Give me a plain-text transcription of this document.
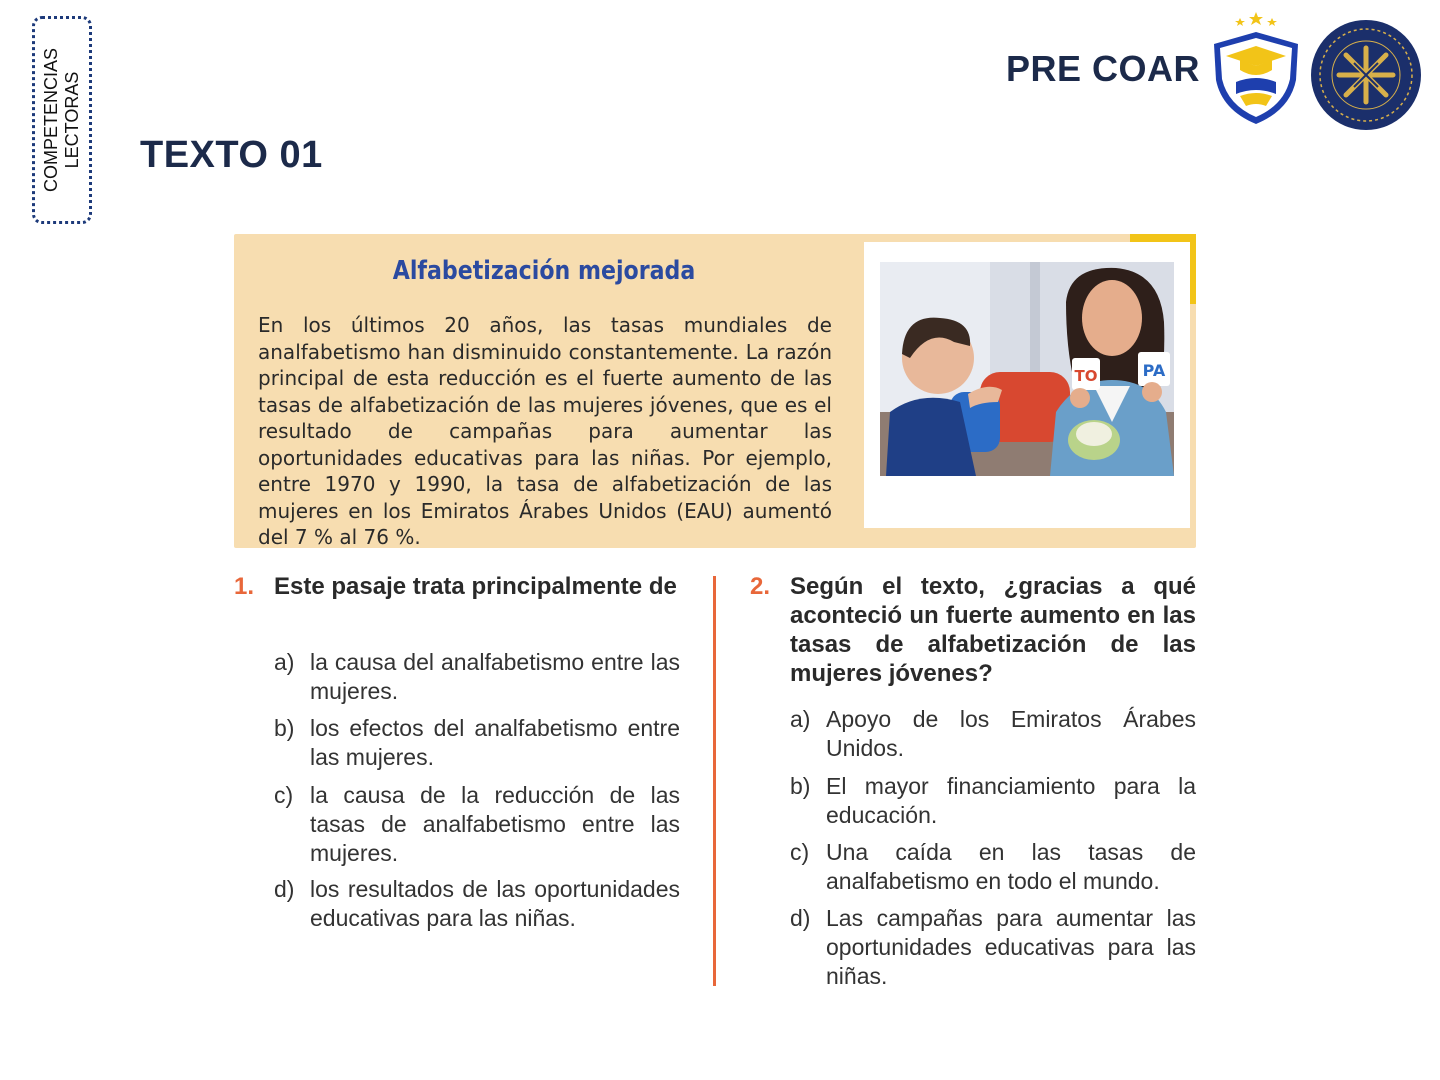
COMPETENCIAS LECTORAS TEXTO 01
PRE COAR
Alfabetización mejorada

En los últimos 20 años, las tasas mundiales de analfabetismo han disminuido constantemente. La razón principal de esta reducción es el fuerte aumento de las tasas de alfabetización de las mujeres jóvenes, que es el resultado de campañas para aumentar las oportunidades educativas para las niñas. Por ejemplo, entre 1970 y 1990, la tasa de alfabetización de las mujeres en los Emiratos Árabes Unidos (EAU) aumentó del 7 % al 76 %.

TO	PA
1. Este pasaje trata principalmente de

a) la causa del analfabetismo entre las mujeres.
b) los efectos del analfabetismo entre las mujeres.
c) la causa de la reducción de las tasas de analfabetismo entre las mujeres.
d) los resultados de las oportunidades educativas para las niñas.
2. Según el texto, ¿gracias a qué aconteció un fuerte aumento en las tasas de alfabetización de las mujeres jóvenes?

a) Apoyo de los Emiratos Árabes Unidos.
b) El mayor financiamiento para la educación.
c) Una caída en las tasas de analfabetismo en todo el mundo.
d) Las campañas para aumentar las oportunidades educativas para las niñas.
